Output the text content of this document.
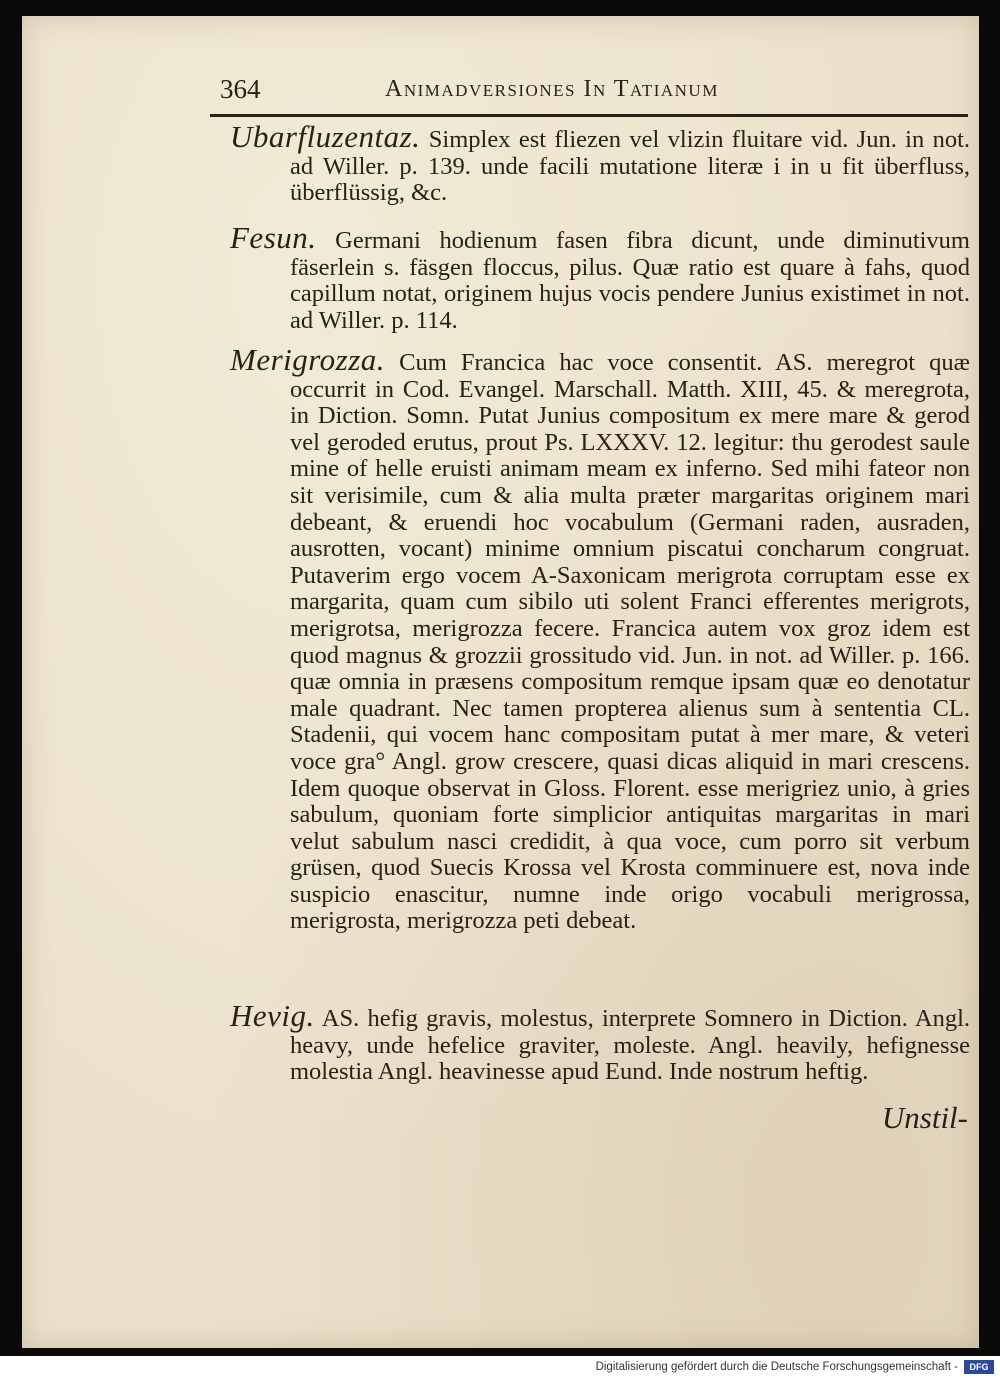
364	Animadversiones In Tatianum

Ubarfluzentaz. Simplex est fliezen vel vlizin fluitare vid. Jun. in not. ad Willer. p. 139. unde facili mutatione literæ i in u fit überfluss, überflüssig, &c.

Fesun. Germani hodienum fasen fibra dicunt, unde diminutivum fäserlein s. fäsgen floccus, pilus. Quæ ratio est quare à fahs, quod capillum notat, originem hujus vocis pendere Junius existimet in not. ad Willer. p. 114.

Merigrozza. Cum Francica hac voce consentit. AS. meregrot quæ occurrit in Cod. Evangel. Marschall. Matth. XIII, 45. & meregrota, in Diction. Somn. Putat Junius compositum ex mere mare & gerod vel geroded erutus, prout Ps. LXXXV. 12. legitur: thu gerodest saule mine of helle eruisti animam meam ex inferno. Sed mihi fateor non sit verisimile, cum & alia multa præter margaritas originem mari debeant, & eruendi hoc vocabulum (Germani raden, ausraden, ausrotten, vocant) minime omnium piscatui concharum congruat. Putaverim ergo vocem A-Saxonicam merigrota corruptam esse ex margarita, quam cum sibilo uti solent Franci efferentes merigrots, merigrotsa, merigrozza fecere. Francica autem vox groz idem est quod magnus & grozzii grossitudo vid. Jun. in not. ad Willer. p. 166. quæ omnia in præsens compositum remque ipsam quæ eo denotatur male quadrant. Nec tamen propterea alienus sum à sententia CL. Stadenii, qui vocem hanc compositam putat à mer mare, & veteri voce gra° Angl. grow crescere, quasi dicas aliquid in mari crescens. Idem quoque observat in Gloss. Florent. esse merigriez unio, à gries sabulum, quoniam forte simplicior antiquitas margaritas in mari velut sabulum nasci credidit, à qua voce, cum porro sit verbum grüsen, quod Suecis Krossa vel Krosta comminuere est, nova inde suspicio enascitur, numne inde origo vocabuli merigrossa, merigrosta, merigrozza peti debeat.

Hevig. AS. hefig gravis, molestus, interprete Somnero in Diction. Angl. heavy, unde hefelice graviter, moleste. Angl. heavily, hefignesse molestia Angl. heavinesse apud Eund. Inde nostrum heftig.

Unstil-
Digitalisierung gefördert durch die Deutsche Forschungsgemeinschaft -	DFG
